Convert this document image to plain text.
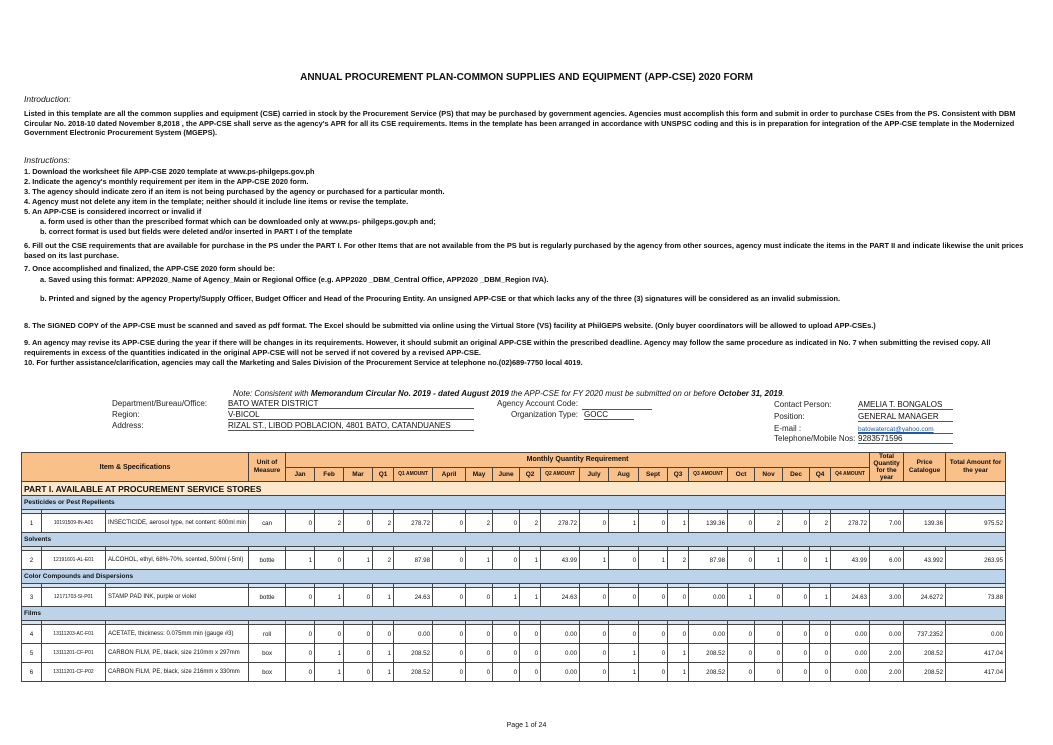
ANNUAL PROCUREMENT PLAN-COMMON SUPPLIES AND EQUIPMENT (APP-CSE) 2020 FORM
Introduction:
Listed in this template are all the common supplies and equipment (CSE) carried in stock by the Procurement Service (PS) that may be purchased by government agencies. Agencies must accomplish this form and submit in order to purchase CSEs from the PS. Consistent with DBM Circular No. 2018-10 dated November 8,2018 , the APP-CSE shall serve as the agency's APR for all its CSE requirements. Items in the template has been arranged in accordance with UNSPSC coding and this is in preparation for integration of the APP-CSE template in the Modernized Government Electronic Procurement System (MGEPS).
Instructions:
1. Download the worksheet file APP-CSE 2020 template at www.ps-philgeps.gov.ph
2. Indicate the agency's monthly requirement per item in the APP-CSE 2020 form.
3. The agency should indicate zero if an item is not being purchased by the agency or purchased for a particular month.
4. Agency must not delete any item in the template; neither should it include line items or revise the template.
5. An APP-CSE is considered incorrect or invalid if
a. form used is other than the prescribed format which can be downloaded only at www.ps- philgeps.gov.ph and;
b. correct format is used but fields were deleted and/or inserted in PART I of the template
6. Fill out the CSE requirements that are available for purchase in the PS under the PART I. For other Items that are not available from the PS but is regularly purchased by the agency from other sources, agency must indicate the items in the PART II and indicate likewise the unit prices based on its last purchase.
7. Once accomplished and finalized, the APP-CSE 2020 form should be:
a. Saved using this format: APP2020_Name of Agency_Main or Regional Office (e.g. APP2020 _DBM_Central Office, APP2020 _DBM_Region IVA).
b. Printed and signed by the agency Property/Supply Officer, Budget Officer and Head of the Procuring Entity. An unsigned APP-CSE or that which lacks any of the three (3) signatures will be considered as an invalid submission.
8. The SIGNED COPY of the APP-CSE must be scanned and saved as pdf format. The Excel should be submitted via online using the Virtual Store (VS) facility at PhilGEPS website. (Only buyer coordinators will be allowed to upload APP-CSEs.)
9. An agency may revise its APP-CSE during the year if there will be changes in its requirements. However, it should submit an original APP-CSE within the prescribed deadline. Agency may follow the same procedure as indicated in No. 7 when submitting the revised copy. All requirements in excess of the quantities indicated in the original APP-CSE will not be served if not covered by a revised APP-CSE.
10. For further assistance/clarification, agencies may call the Marketing and Sales Division of the Procurement Service at telephone no.(02)689-7750 local 4019.
Note: Consistent with Memorandum Circular No. 2019 - dated August 2019 the APP-CSE for FY 2020 must be submitted on or before October 31, 2019.
Department/Bureau/Office:	BATO WATER DISTRICT
Region:	V-BICOL
Address:	RIZAL ST., LIBOD POBLACION, 4801 BATO, CATANDUANES
Agency Account Code:
Organization Type: GOCC
Contact Person:	AMELIA T. BONGALOS
Position:	GENERAL MANAGER
E-mail :	batowatercat@yahoo.com
Telephone/Mobile Nos: 9283571596
Item & Specifications			Unit of Measure	Monthly Quantity Requirement																				Total Quantity for the year	Price Catalogue	Total Amount for the year
				Jan	Feb	Mar	Q1	Q1 AMOUNT	April	May	June	Q2	Q2 AMOUNT	July	Aug	Sept	Q3	Q3 AMOUNT	Oct	Nov	Dec	Q4	Q4 AMOUNT			
PART I. AVAILABLE AT PROCUREMENT SERVICE STORES																										
Pesticides or Pest Repellents																										

1	10191509-IN-A01	INSECTICIDE, aerosol type, net content: 600ml min	can	0	2	0	2	278.72	0	2	0	2	278.72	0	1	0	1	139.36	0	2	0	2	278.72	7.00	139.36	975.52
Solvents																										

2	12191601-AL-E01	ALCOHOL, ethyl, 68%-70%, scented, 500ml (-5ml)	bottle	1	0	1	2	87.98	0	1	0	1	43.99	1	0	1	2	87.98	0	1	0	1	43.99	6.00	43.992	263.95
Color Compounds and Dispersions																										

3	12171703-SI-P01	STAMP PAD INK, purple or violet	bottle	0	1	0	1	24.63	0	0	1	1	24.63	0	0	0	0	0.00	1	0	0	1	24.63	3.00	24.6272	73.88
Films																										

4	13111203-AC-F01	ACETATE, thickness: 0.075mm min (gauge #3)	roll	0	0	0	0	0.00	0	0	0	0	0.00	0	0	0	0	0.00	0	0	0	0	0.00	0.00	737.2352	0.00
5	13111201-CF-P01	CARBON FILM, PE, black, size 210mm x 297mm	box	0	1	0	1	208.52	0	0	0	0	0.00	0	1	0	1	208.52	0	0	0	0	0.00	2.00	208.52	417.04
6	13111201-CF-P02	CARBON FILM, PE, black, size 216mm x 330mm	box	0	1	0	1	208.52	0	0	0	0	0.00	0	1	0	1	208.52	0	0	0	0	0.00	2.00	208.52	417.04
Page 1 of 24
